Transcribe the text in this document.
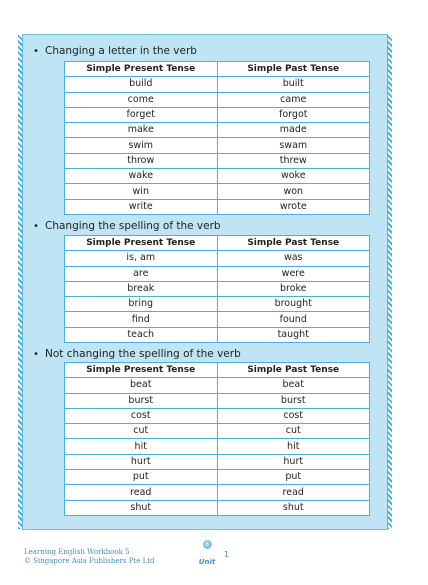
• Changing a letter in the verb
Simple Present Tense	Simple Past Tense
build	built
come	came
forget	forgot
make	made
swim	swam
throw	threw
wake	woke
win	won
write	wrote
• Changing the spelling of the verb
Simple Present Tense	Simple Past Tense
is, am	was
are	were
break	broke
bring	brought
find	found
teach	taught
• Not changing the spelling of the verb
Simple Present Tense	Simple Past Tense
beat	beat
burst	burst
cost	cost
cut	cut
hit	hit
hurt	hurt
put	put
read	read
shut	shut
Learning English Workbook 5
© Singapore Asia Publishers Pte Ltd
8
Unit
1
